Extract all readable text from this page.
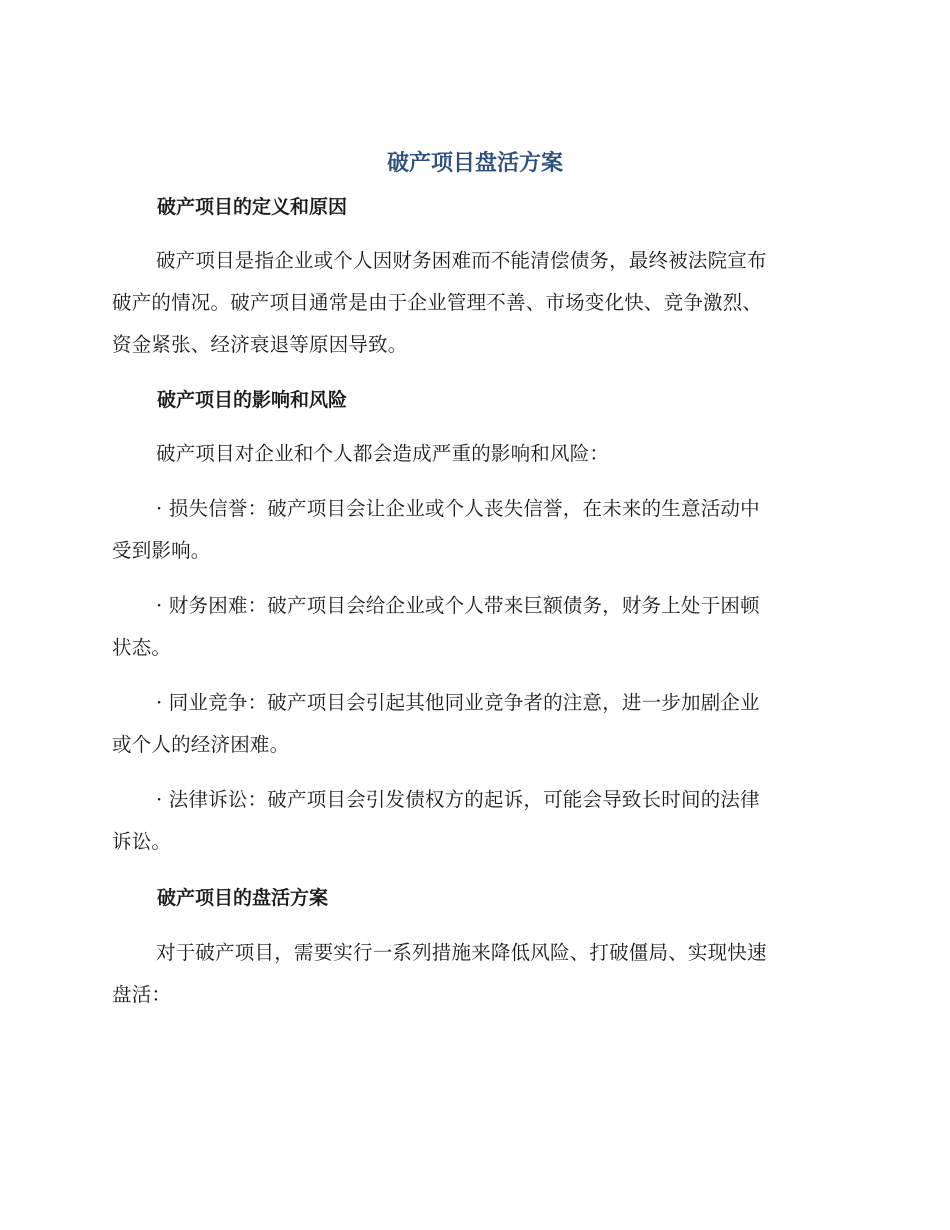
破产项目盘活方案
破产项目的定义和原因

破产项目是指企业或个人因财务困难而不能清偿债务，最终被法院宣布
破产的情况。破产项目通常是由于企业管理不善、市场变化快、竞争激烈、
资金紧张、经济衰退等原因导致。

破产项目的影响和风险

破产项目对企业和个人都会造成严重的影响和风险：

· 损失信誉：破产项目会让企业或个人丧失信誉，在未来的生意活动中
受到影响。

· 财务困难：破产项目会给企业或个人带来巨额债务，财务上处于困顿
状态。

· 同业竞争：破产项目会引起其他同业竞争者的注意，进一步加剧企业
或个人的经济困难。

· 法律诉讼：破产项目会引发债权方的起诉，可能会导致长时间的法律
诉讼。

破产项目的盘活方案

对于破产项目，需要实行一系列措施来降低风险、打破僵局、实现快速
盘活：
